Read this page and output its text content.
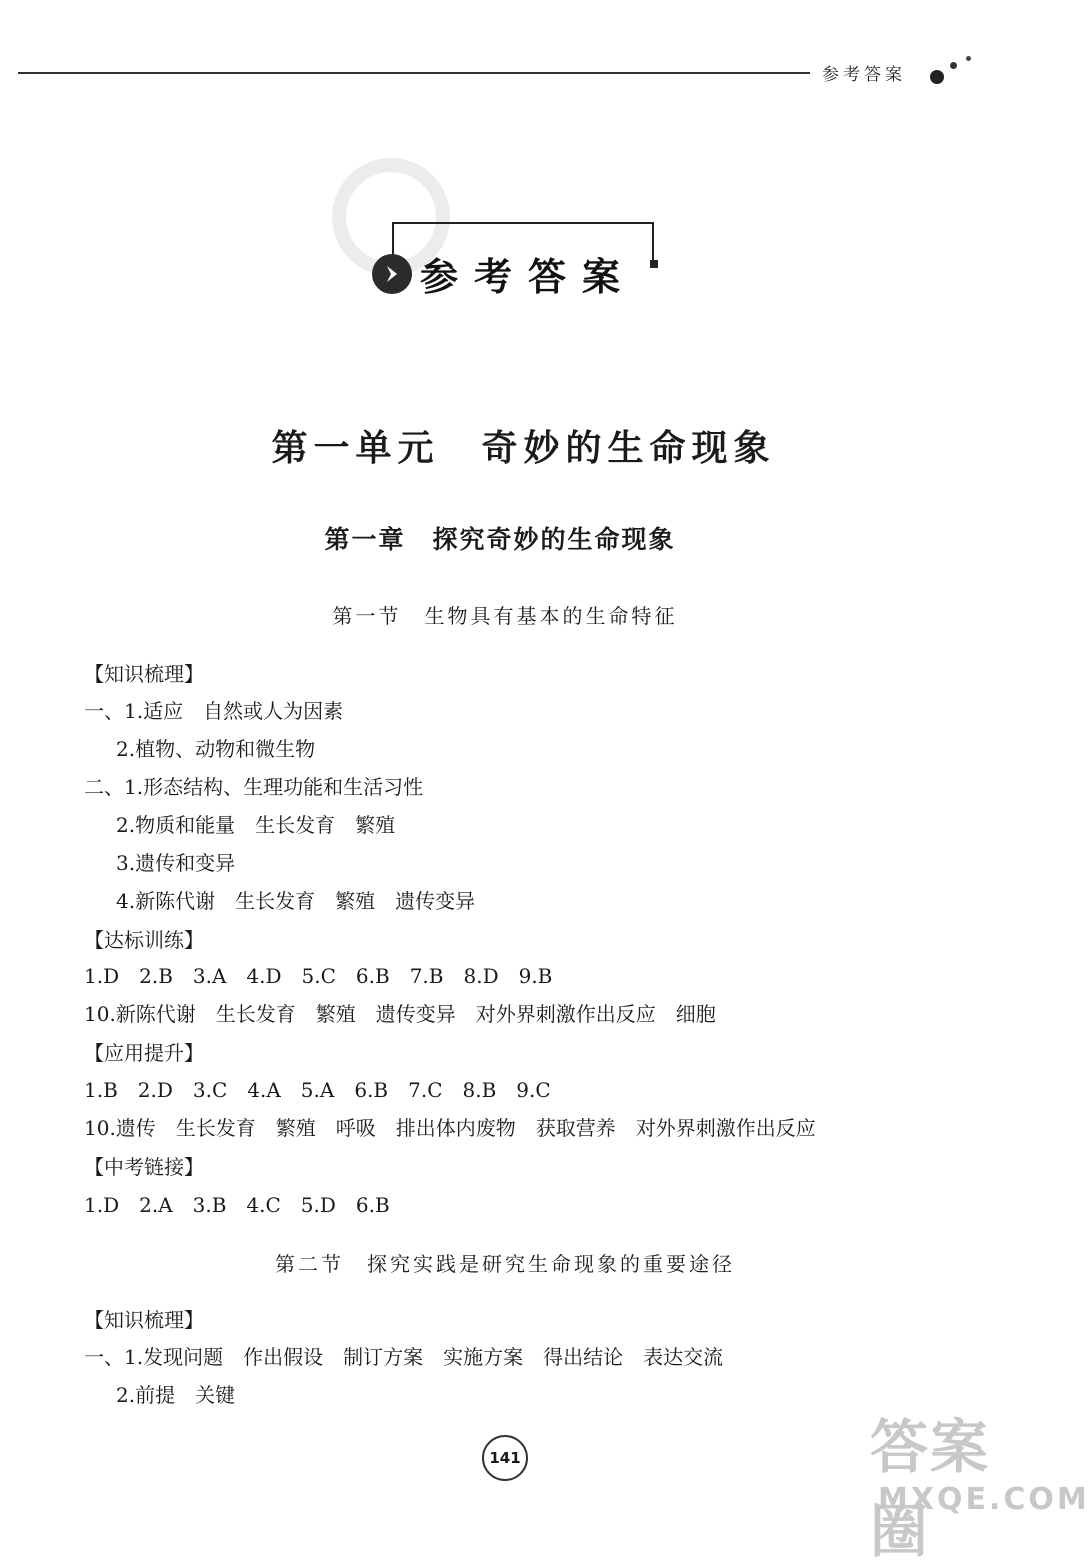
参考答案
参考答案
第一单元　奇妙的生命现象
第一章　探究奇妙的生命现象
第一节　生物具有基本的生命特征
【知识梳理】
一、1.适应　自然或人为因素
2.植物、动物和微生物
二、1.形态结构、生理功能和生活习性
2.物质和能量　生长发育　繁殖
3.遗传和变异
4.新陈代谢　生长发育　繁殖　遗传变异
【达标训练】
1.D　2.B　3.A　4.D　5.C　6.B　7.B　8.D　9.B
10.新陈代谢　生长发育　繁殖　遗传变异　对外界刺激作出反应　细胞
【应用提升】
1.B　2.D　3.C　4.A　5.A　6.B　7.C　8.B　9.C
10.遗传　生长发育　繁殖　呼吸　排出体内废物　获取营养　对外界刺激作出反应
【中考链接】
1.D　2.A　3.B　4.C　5.D　6.B
第二节　探究实践是研究生命现象的重要途径
【知识梳理】
一、1.发现问题　作出假设　制订方案　实施方案　得出结论　表达交流
2.前提　关键
141	答案圈
MXQE.COM
